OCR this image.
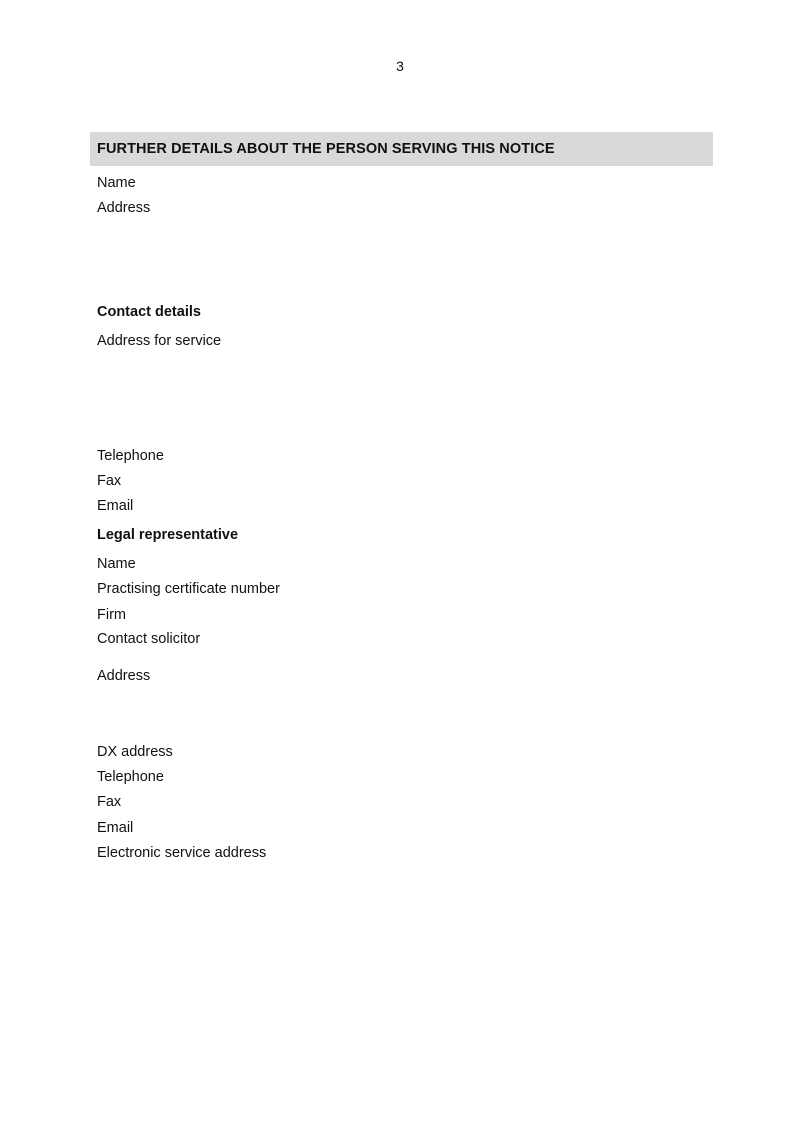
3
FURTHER DETAILS ABOUT THE PERSON SERVING THIS NOTICE
Name
Address
Contact details
Address for service
Telephone
Fax
Email
Legal representative
Name
Practising certificate number
Firm
Contact solicitor
Address
DX address
Telephone
Fax
Email
Electronic service address
